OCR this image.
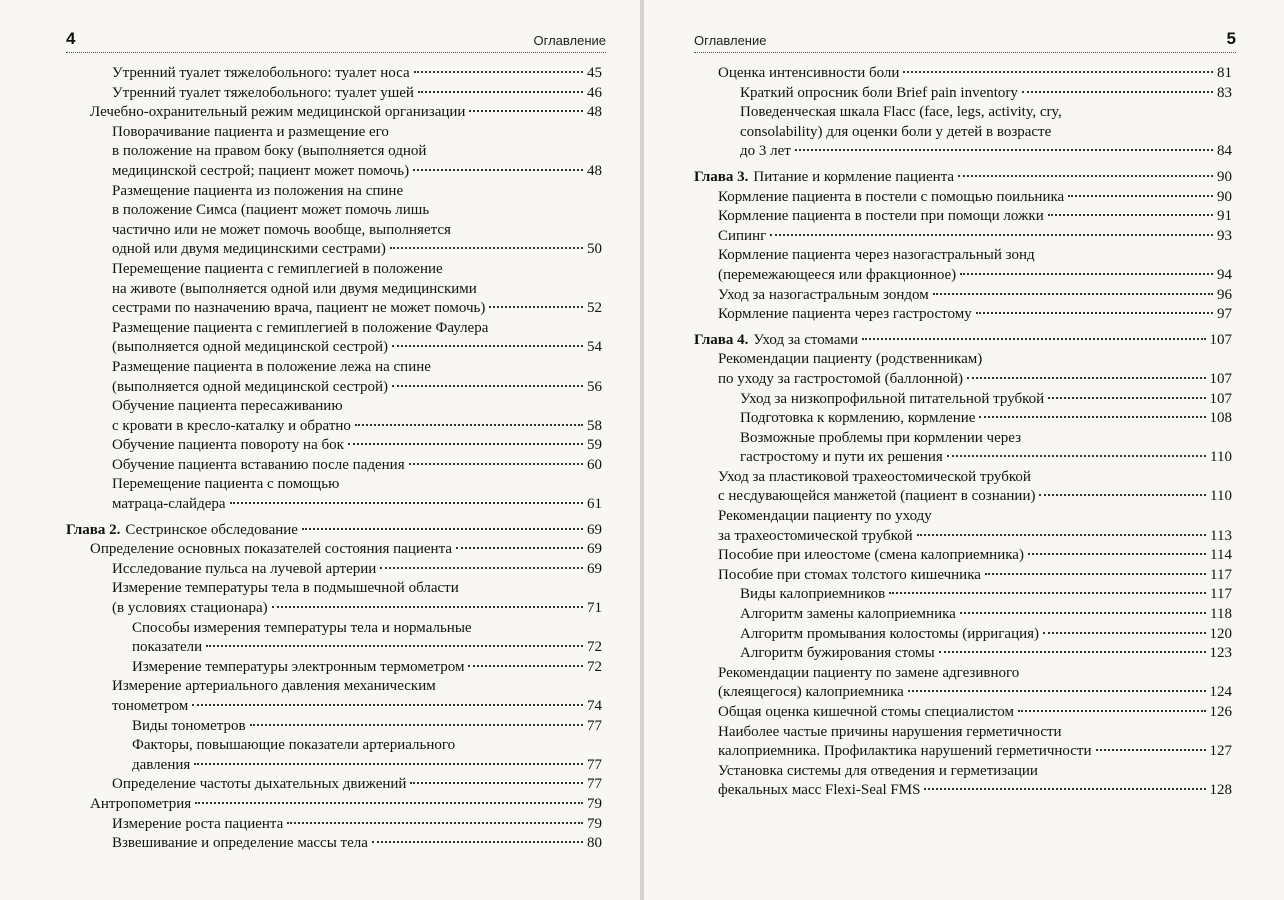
4	Оглавление
Утренний туалет тяжелобольного: туалет носа	45
Утренний туалет тяжелобольного: туалет ушей	46
Лечебно-охранительный режим медицинской организации	48
Поворачивание пациента и размещение его
в положение на правом боку (выполняется одной
медицинской сестрой; пациент может помочь)	48
Размещение пациента из положения на спине
в положение Симса (пациент может помочь лишь
частично или не может помочь вообще, выполняется
одной или двумя медицинскими сестрами)	50
Перемещение пациента с гемиплегией в положение
на животе (выполняется одной или двумя медицинскими
сестрами по назначению врача, пациент не может помочь)	52
Размещение пациента с гемиплегией в положение Фаулера
(выполняется одной медицинской сестрой)	54
Размещение пациента в положение лежа на спине
(выполняется одной медицинской сестрой)	56
Обучение пациента пересаживанию
с кровати в кресло-каталку и обратно	58
Обучение пациента повороту на бок	59
Обучение пациента вставанию после падения	60
Перемещение пациента с помощью
матраца-слайдера	61
Глава 2. Сестринское обследование	69
Определение основных показателей состояния пациента	69
Исследование пульса на лучевой артерии	69
Измерение температуры тела в подмышечной области
(в условиях стационара)	71
Способы измерения температуры тела и нормальные
показатели	72
Измерение температуры электронным термометром	72
Измерение артериального давления механическим
тонометром	74
Виды тонометров	77
Факторы, повышающие показатели артериального
давления	77
Определение частоты дыхательных движений	77
Антропометрия	79
Измерение роста пациента	79
Взвешивание и определение массы тела	80
Оглавление	5
Оценка интенсивности боли	81
Краткий опросник боли Brief pain inventory	83
Поведенческая шкала Flacc (face, legs, activity, cry,
consolability) для оценки боли у детей в возрасте
до 3 лет	84
Глава 3. Питание и кормление пациента	90
Кормление пациента в постели с помощью поильника	90
Кормление пациента в постели при помощи ложки	91
Сипинг	93
Кормление пациента через назогастральный зонд
(перемежающееся или фракционное)	94
Уход за назогастральным зондом	96
Кормление пациента через гастростому	97
Глава 4. Уход за стомами	107
Рекомендации пациенту (родственникам)
по уходу за гастростомой (баллонной)	107
Уход за низкопрофильной питательной трубкой	107
Подготовка к кормлению, кормление	108
Возможные проблемы при кормлении через
гастростому и пути их решения	110
Уход за пластиковой трахеостомической трубкой
с несдувающейся манжетой (пациент в сознании)	110
Рекомендации пациенту по уходу
за трахеостомической трубкой	113
Пособие при илеостоме (смена калоприемника)	114
Пособие при стомах толстого кишечника	117
Виды калоприемников	117
Алгоритм замены калоприемника	118
Алгоритм промывания колостомы (ирригация)	120
Алгоритм бужирования стомы	123
Рекомендации пациенту по замене адгезивного
(клеящегося) калоприемника	124
Общая оценка кишечной стомы специалистом	126
Наиболее частые причины нарушения герметичности
калоприемника. Профилактика нарушений герметичности	127
Установка системы для отведения и герметизации
фекальных масс Flexi-Seal FMS	128
